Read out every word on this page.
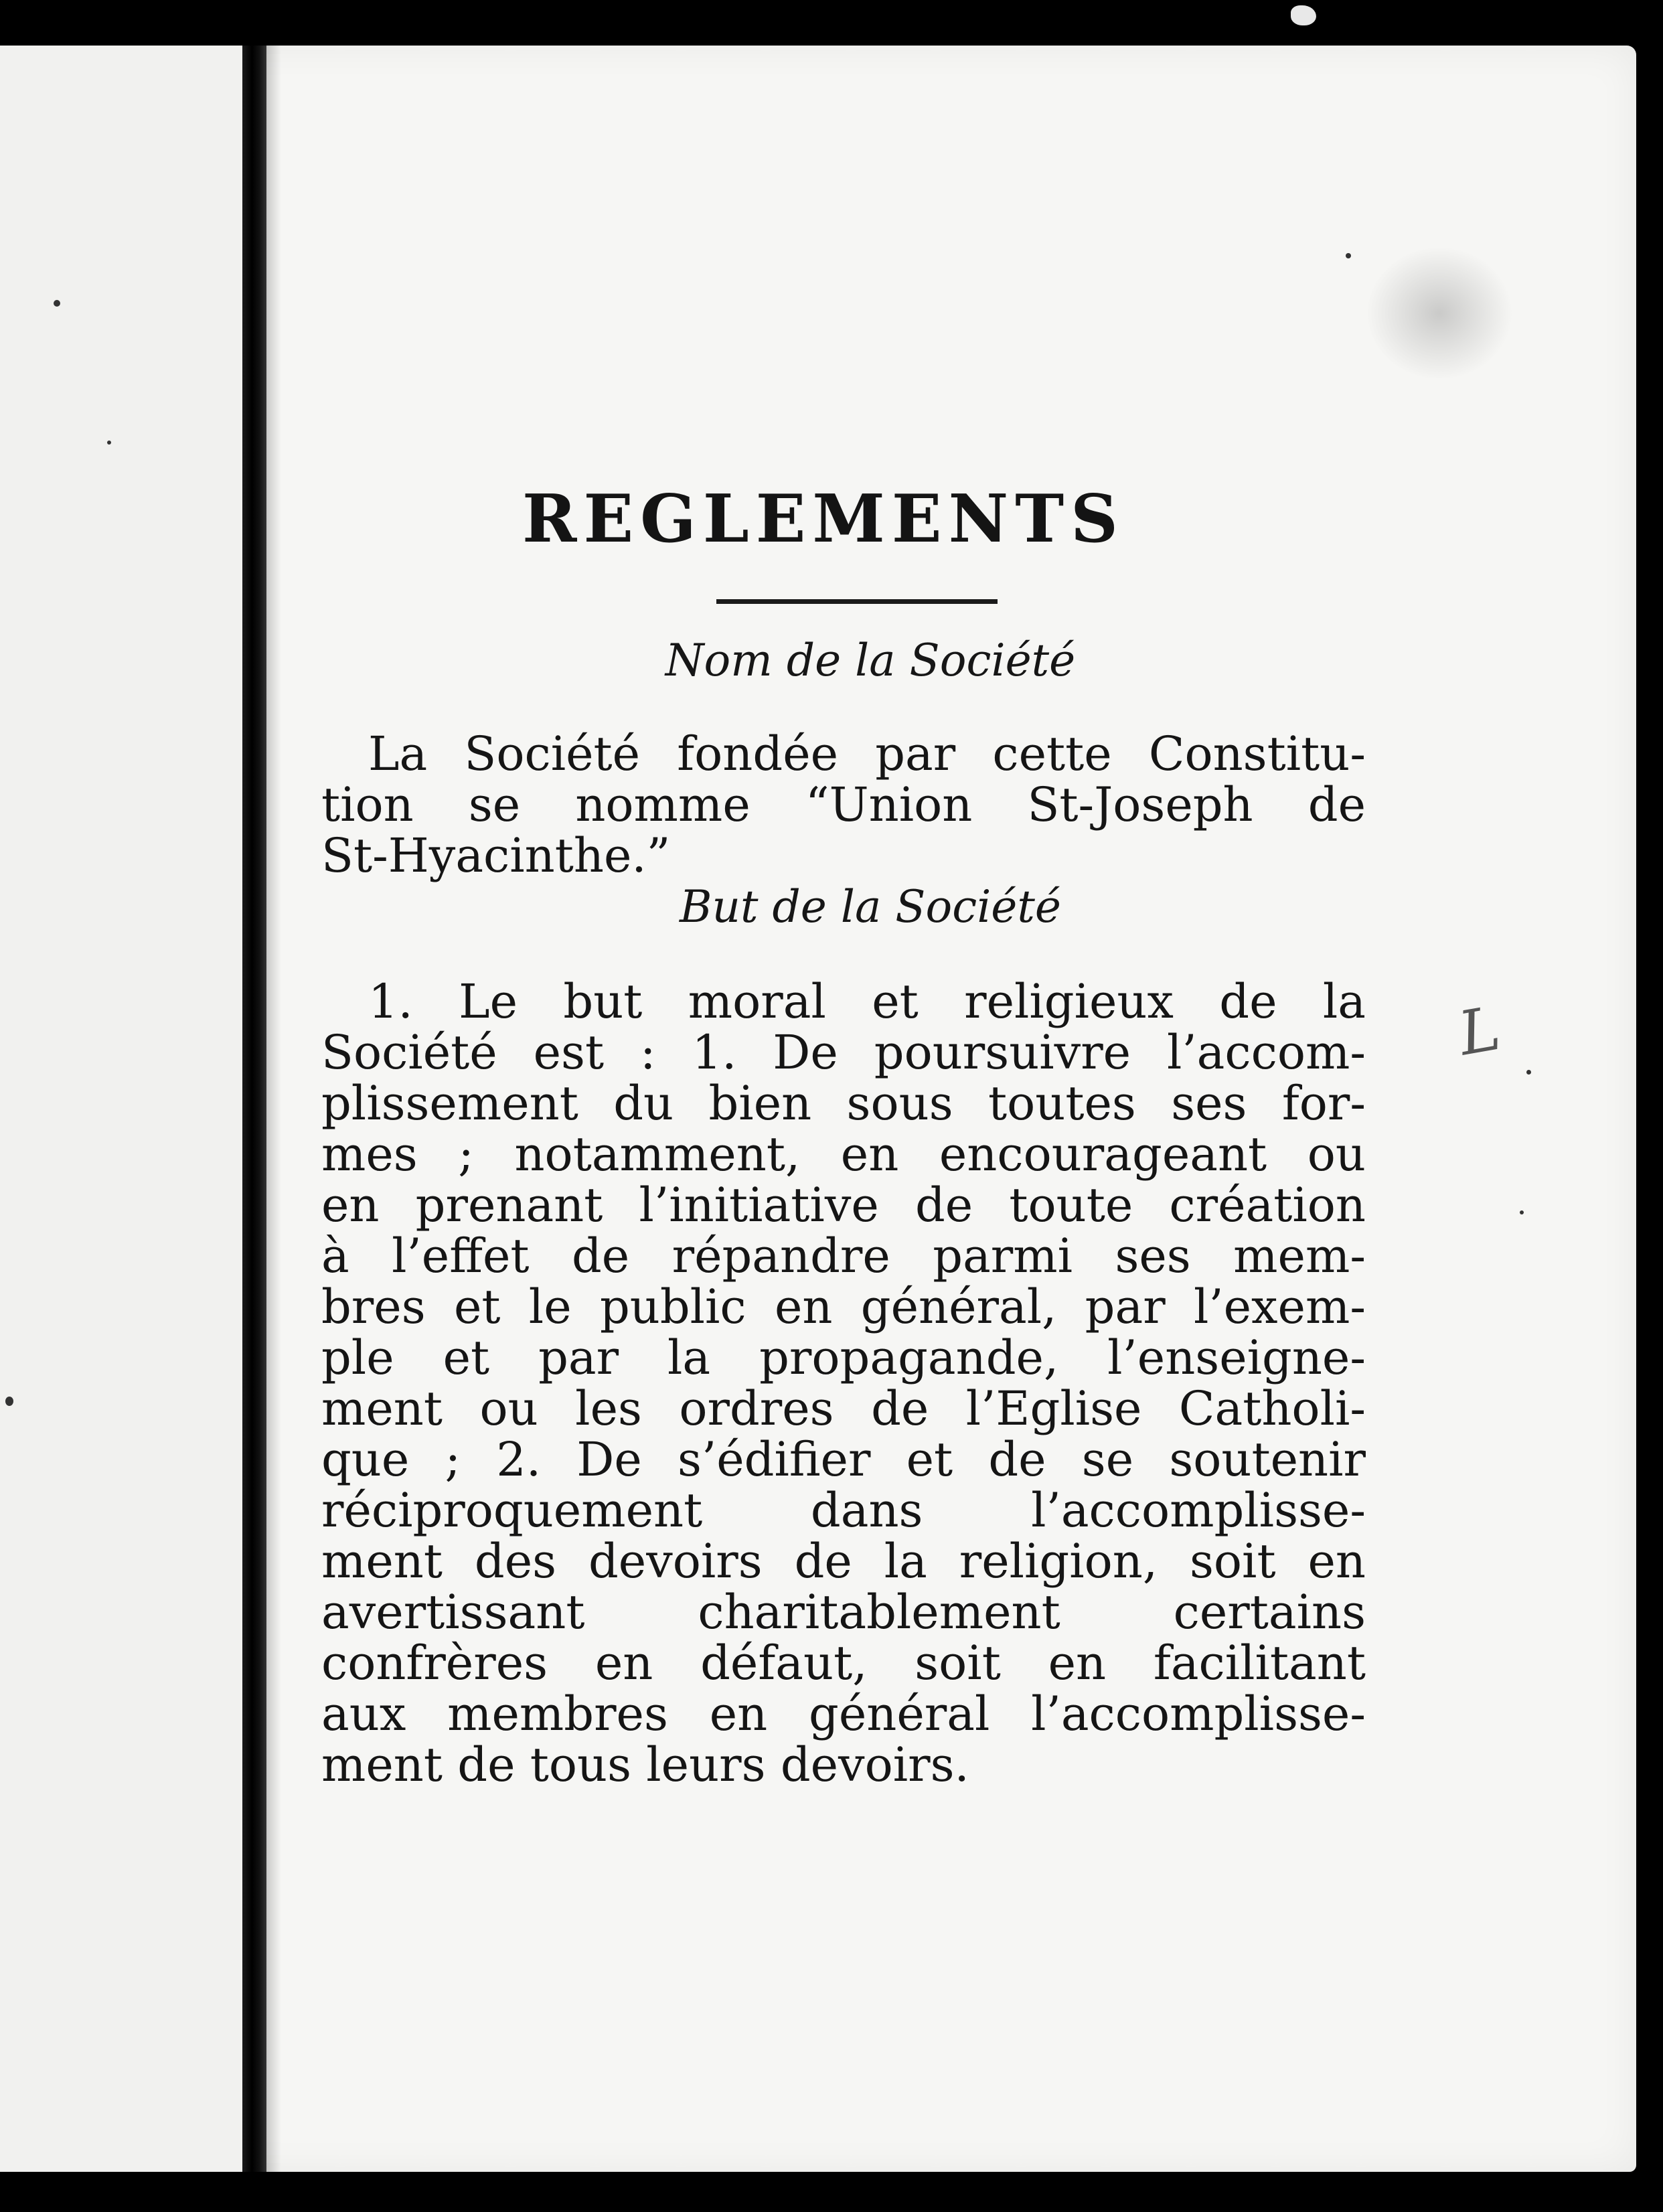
REGLEMENTS
Nom de la Société
La Société fondée par cette Constitu-
tion se nomme “Union St-Joseph de
St-Hyacinthe.”
But de la Société
1. Le but moral et religieux de la
Société est : 1. De poursuivre l’accom-
plissement du bien sous toutes ses for-
mes ; notamment, en encourageant ou
en prenant l’initiative de toute création
à l’effet de répandre parmi ses mem-
bres et le public en général, par l’exem-
ple et par la propagande, l’enseigne-
ment ou les ordres de l’Eglise Catholi-
que ; 2. De s’édifier et de se soutenir
réciproquement dans l’accomplisse-
ment des devoirs de la religion, soit en
avertissant charitablement certains
confrères en défaut, soit en facilitant
aux membres en général l’accomplisse-
ment de tous leurs devoirs.
L
